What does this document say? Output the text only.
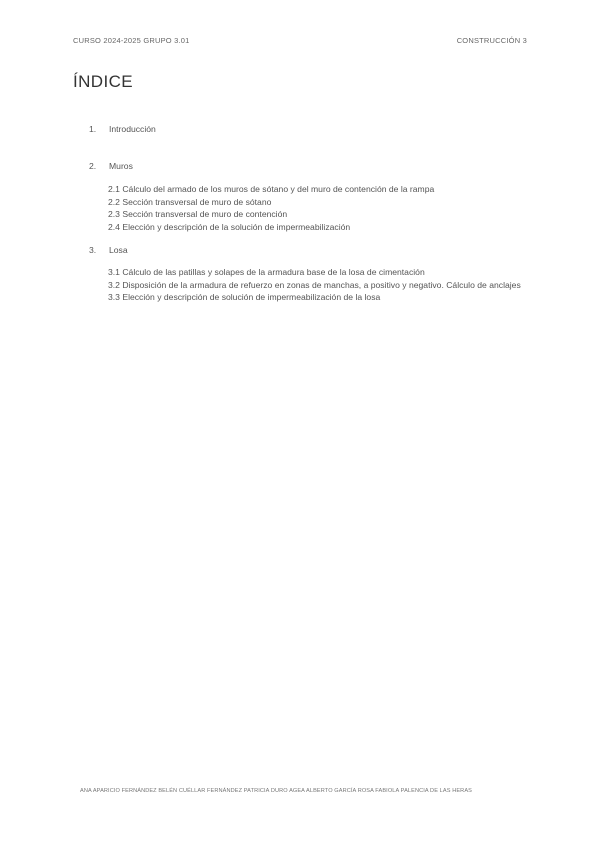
CURSO 2024-2025 GRUPO 3.01	CONSTRUCCIÓN 3
ÍNDICE
1. Introducción
2. Muros
2.1 Cálculo del armado de los muros de sótano y del muro de contención de la rampa
2.2 Sección transversal de muro de sótano
2.3 Sección transversal de muro de contención
2.4 Elección y descripción de la solución de impermeabilización
3. Losa
3.1 Cálculo de las patillas y solapes de la armadura base de la losa de cimentación
3.2 Disposición de la armadura de refuerzo en zonas de manchas, a positivo y negativo. Cálculo de anclajes
3.3 Elección y descripción de solución de impermeabilización de la losa
ANA APARICIO FERNÁNDEZ BELÉN CUÉLLAR FERNÁNDEZ PATRICIA DURO AGEA ALBERTO GARCÍA ROSA FABIOLA PALENCIA DE LAS HERAS
